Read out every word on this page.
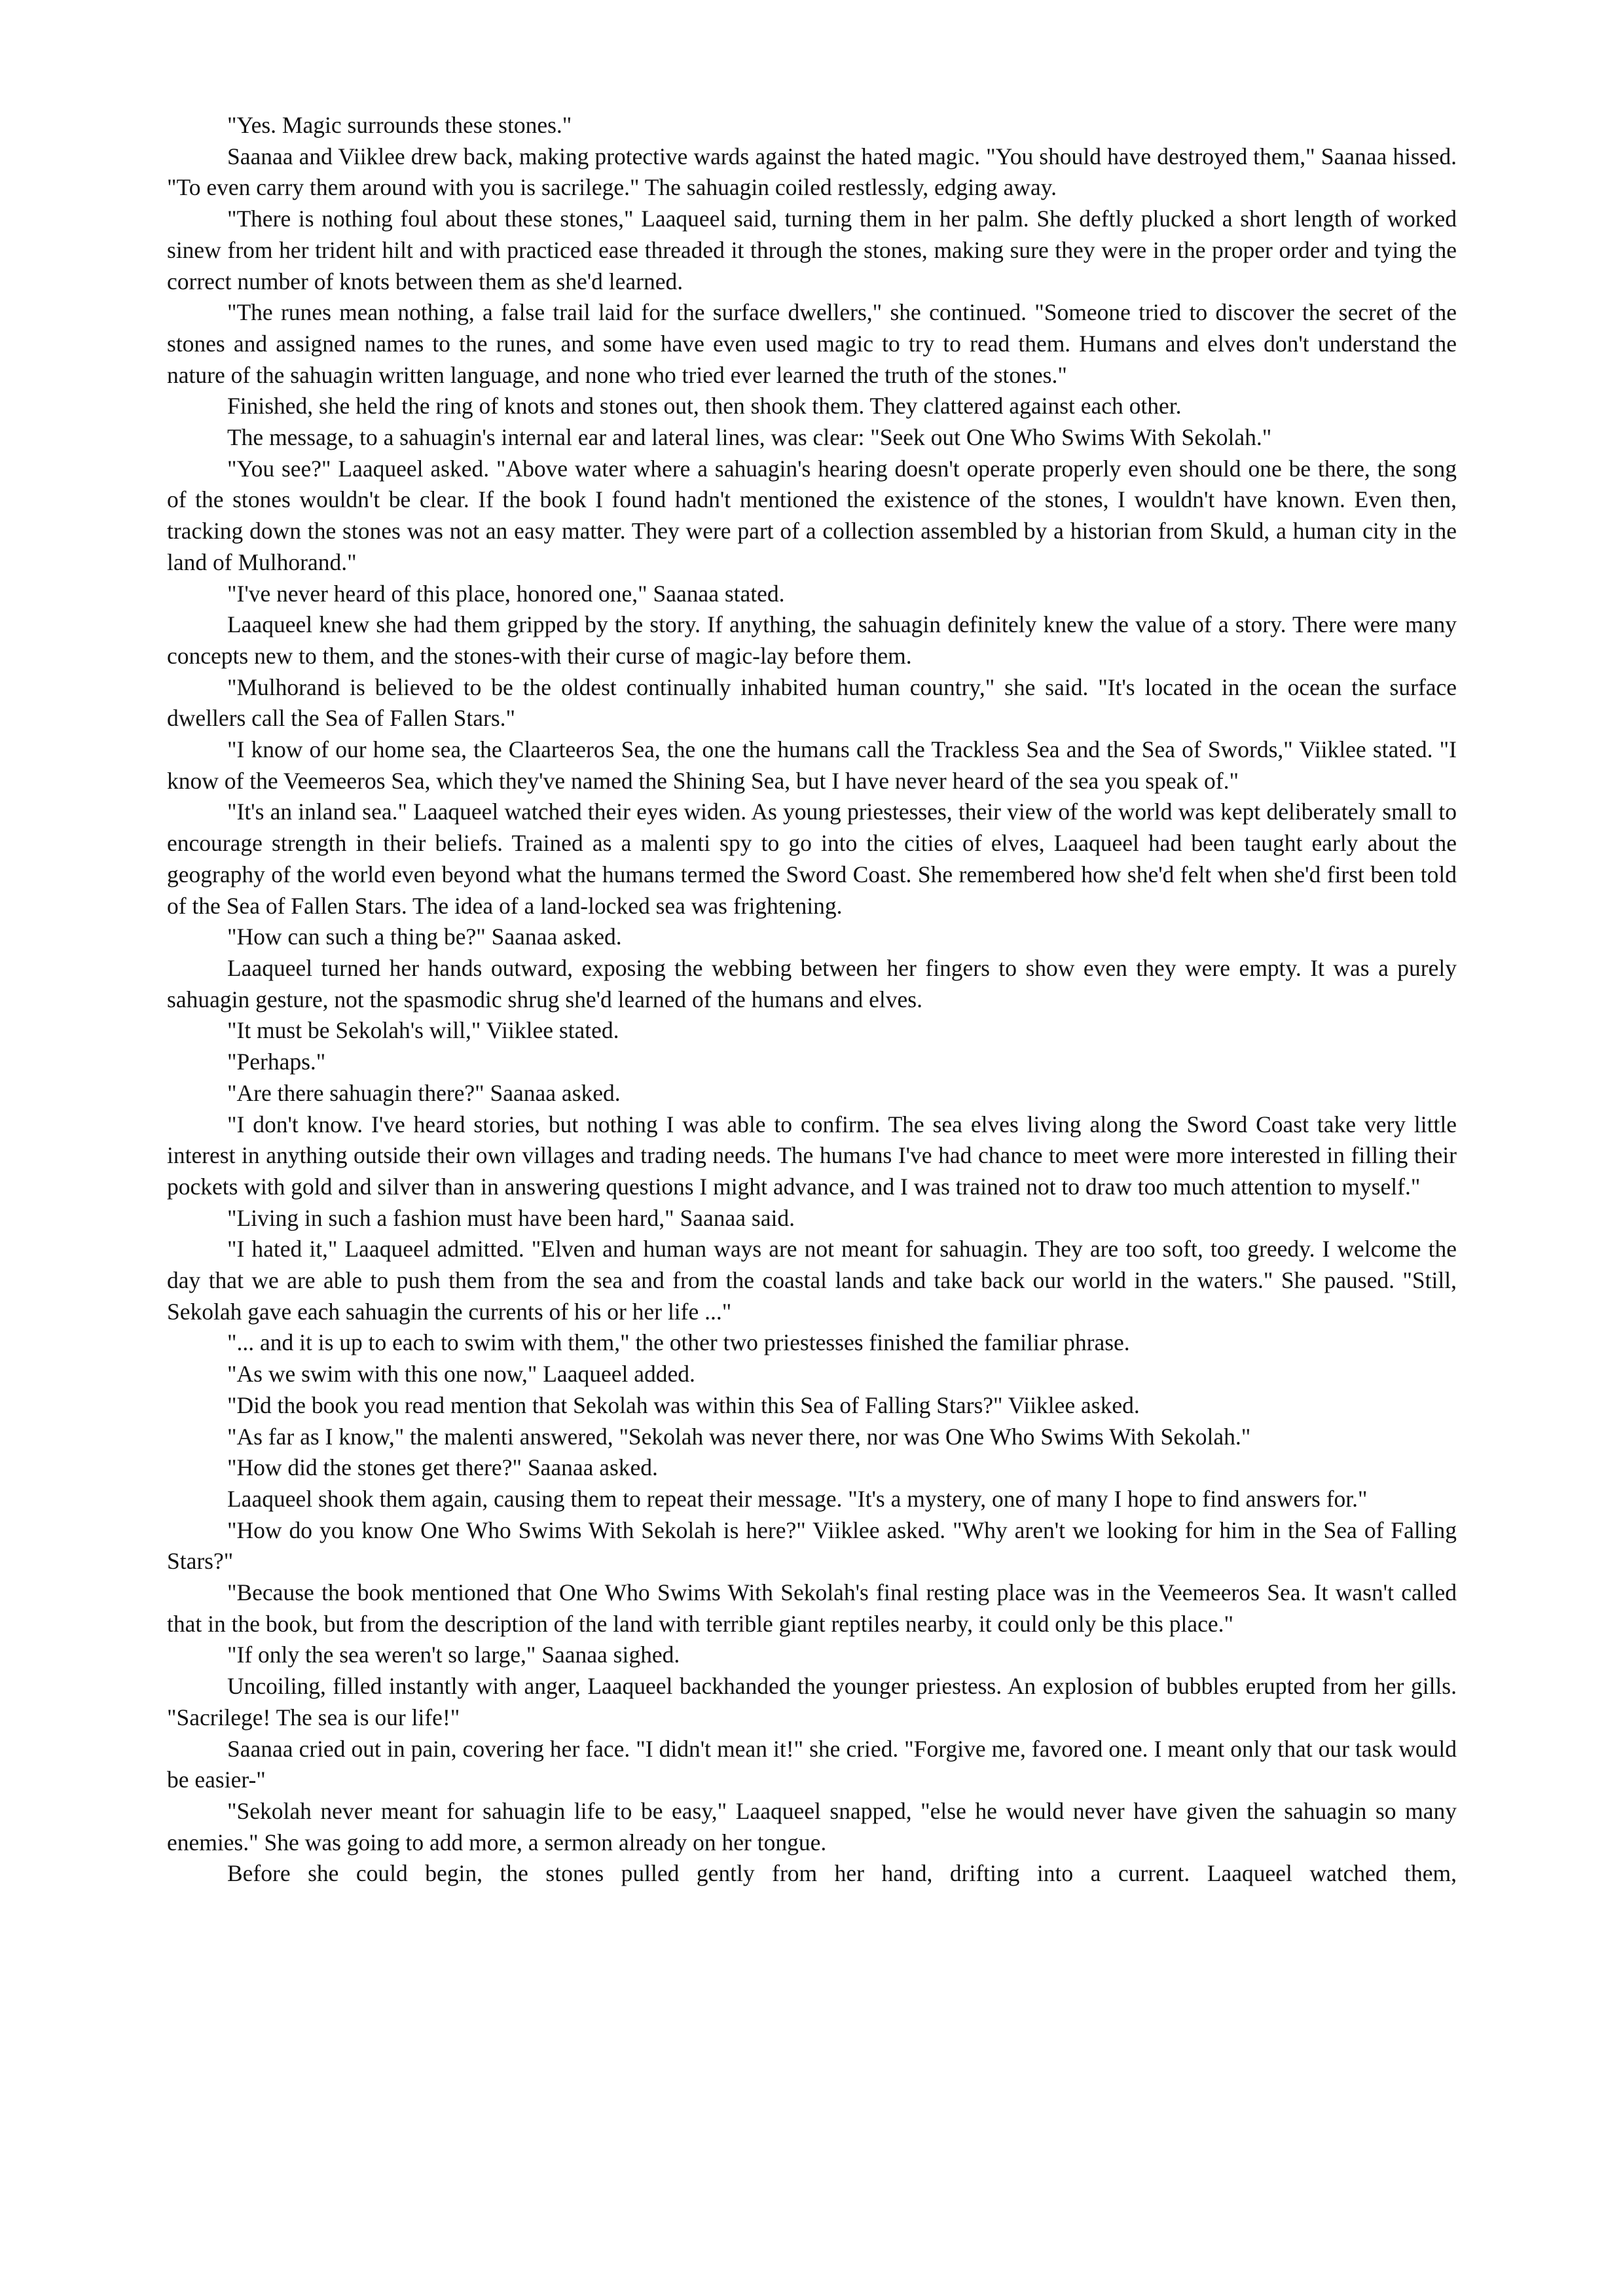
"Yes. Magic surrounds these stones."

Saanaa and Viiklee drew back, making protective wards against the hated magic. "You should have destroyed them," Saanaa hissed. "To even carry them around with you is sacrilege." The sahuagin coiled restlessly, edging away.

"There is nothing foul about these stones," Laaqueel said, turning them in her palm. She deftly plucked a short length of worked sinew from her trident hilt and with practiced ease threaded it through the stones, making sure they were in the proper order and tying the correct number of knots between them as she'd learned.

"The runes mean nothing, a false trail laid for the surface dwellers," she continued. "Someone tried to discover the secret of the stones and assigned names to the runes, and some have even used magic to try to read them. Humans and elves don't understand the nature of the sahuagin written language, and none who tried ever learned the truth of the stones."

Finished, she held the ring of knots and stones out, then shook them. They clattered against each other.

The message, to a sahuagin's internal ear and lateral lines, was clear: "Seek out One Who Swims With Sekolah."

"You see?" Laaqueel asked. "Above water where a sahuagin's hearing doesn't operate properly even should one be there, the song of the stones wouldn't be clear. If the book I found hadn't mentioned the existence of the stones, I wouldn't have known. Even then, tracking down the stones was not an easy matter. They were part of a collection assembled by a historian from Skuld, a human city in the land of Mulhorand."

"I've never heard of this place, honored one," Saanaa stated.

Laaqueel knew she had them gripped by the story. If anything, the sahuagin definitely knew the value of a story. There were many concepts new to them, and the stones-with their curse of magic-lay before them.

"Mulhorand is believed to be the oldest continually inhabited human country," she said. "It's located in the ocean the surface dwellers call the Sea of Fallen Stars."

"I know of our home sea, the Claarteeros Sea, the one the humans call the Trackless Sea and the Sea of Swords," Viiklee stated. "I know of the Veemeeros Sea, which they've named the Shining Sea, but I have never heard of the sea you speak of."

"It's an inland sea." Laaqueel watched their eyes widen. As young priestesses, their view of the world was kept deliberately small to encourage strength in their beliefs. Trained as a malenti spy to go into the cities of elves, Laaqueel had been taught early about the geography of the world even beyond what the humans termed the Sword Coast. She remembered how she'd felt when she'd first been told of the Sea of Fallen Stars. The idea of a land-locked sea was frightening.

"How can such a thing be?" Saanaa asked.

Laaqueel turned her hands outward, exposing the webbing between her fingers to show even they were empty. It was a purely sahuagin gesture, not the spasmodic shrug she'd learned of the humans and elves.

"It must be Sekolah's will," Viiklee stated.

"Perhaps."

"Are there sahuagin there?" Saanaa asked.

"I don't know. I've heard stories, but nothing I was able to confirm. The sea elves living along the Sword Coast take very little interest in anything outside their own villages and trading needs. The humans I've had chance to meet were more interested in filling their pockets with gold and silver than in answering questions I might advance, and I was trained not to draw too much attention to myself."

"Living in such a fashion must have been hard," Saanaa said.

"I hated it," Laaqueel admitted. "Elven and human ways are not meant for sahuagin. They are too soft, too greedy. I welcome the day that we are able to push them from the sea and from the coastal lands and take back our world in the waters." She paused. "Still, Sekolah gave each sahuagin the currents of his or her life ..."

"... and it is up to each to swim with them," the other two priestesses finished the familiar phrase.

"As we swim with this one now," Laaqueel added.

"Did the book you read mention that Sekolah was within this Sea of Falling Stars?" Viiklee asked.

"As far as I know," the malenti answered, "Sekolah was never there, nor was One Who Swims With Sekolah."

"How did the stones get there?" Saanaa asked.

Laaqueel shook them again, causing them to repeat their message. "It's a mystery, one of many I hope to find answers for."

"How do you know One Who Swims With Sekolah is here?" Viiklee asked. "Why aren't we looking for him in the Sea of Falling Stars?"

"Because the book mentioned that One Who Swims With Sekolah's final resting place was in the Veemeeros Sea. It wasn't called that in the book, but from the description of the land with terrible giant reptiles nearby, it could only be this place."

"If only the sea weren't so large," Saanaa sighed.

Uncoiling, filled instantly with anger, Laaqueel backhanded the younger priestess. An explosion of bubbles erupted from her gills. "Sacrilege! The sea is our life!"

Saanaa cried out in pain, covering her face. "I didn't mean it!" she cried. "Forgive me, favored one. I meant only that our task would be easier-"

"Sekolah never meant for sahuagin life to be easy," Laaqueel snapped, "else he would never have given the sahuagin so many enemies." She was going to add more, a sermon already on her tongue.

Before she could begin, the stones pulled gently from her hand, drifting into a current. Laaqueel watched them,
